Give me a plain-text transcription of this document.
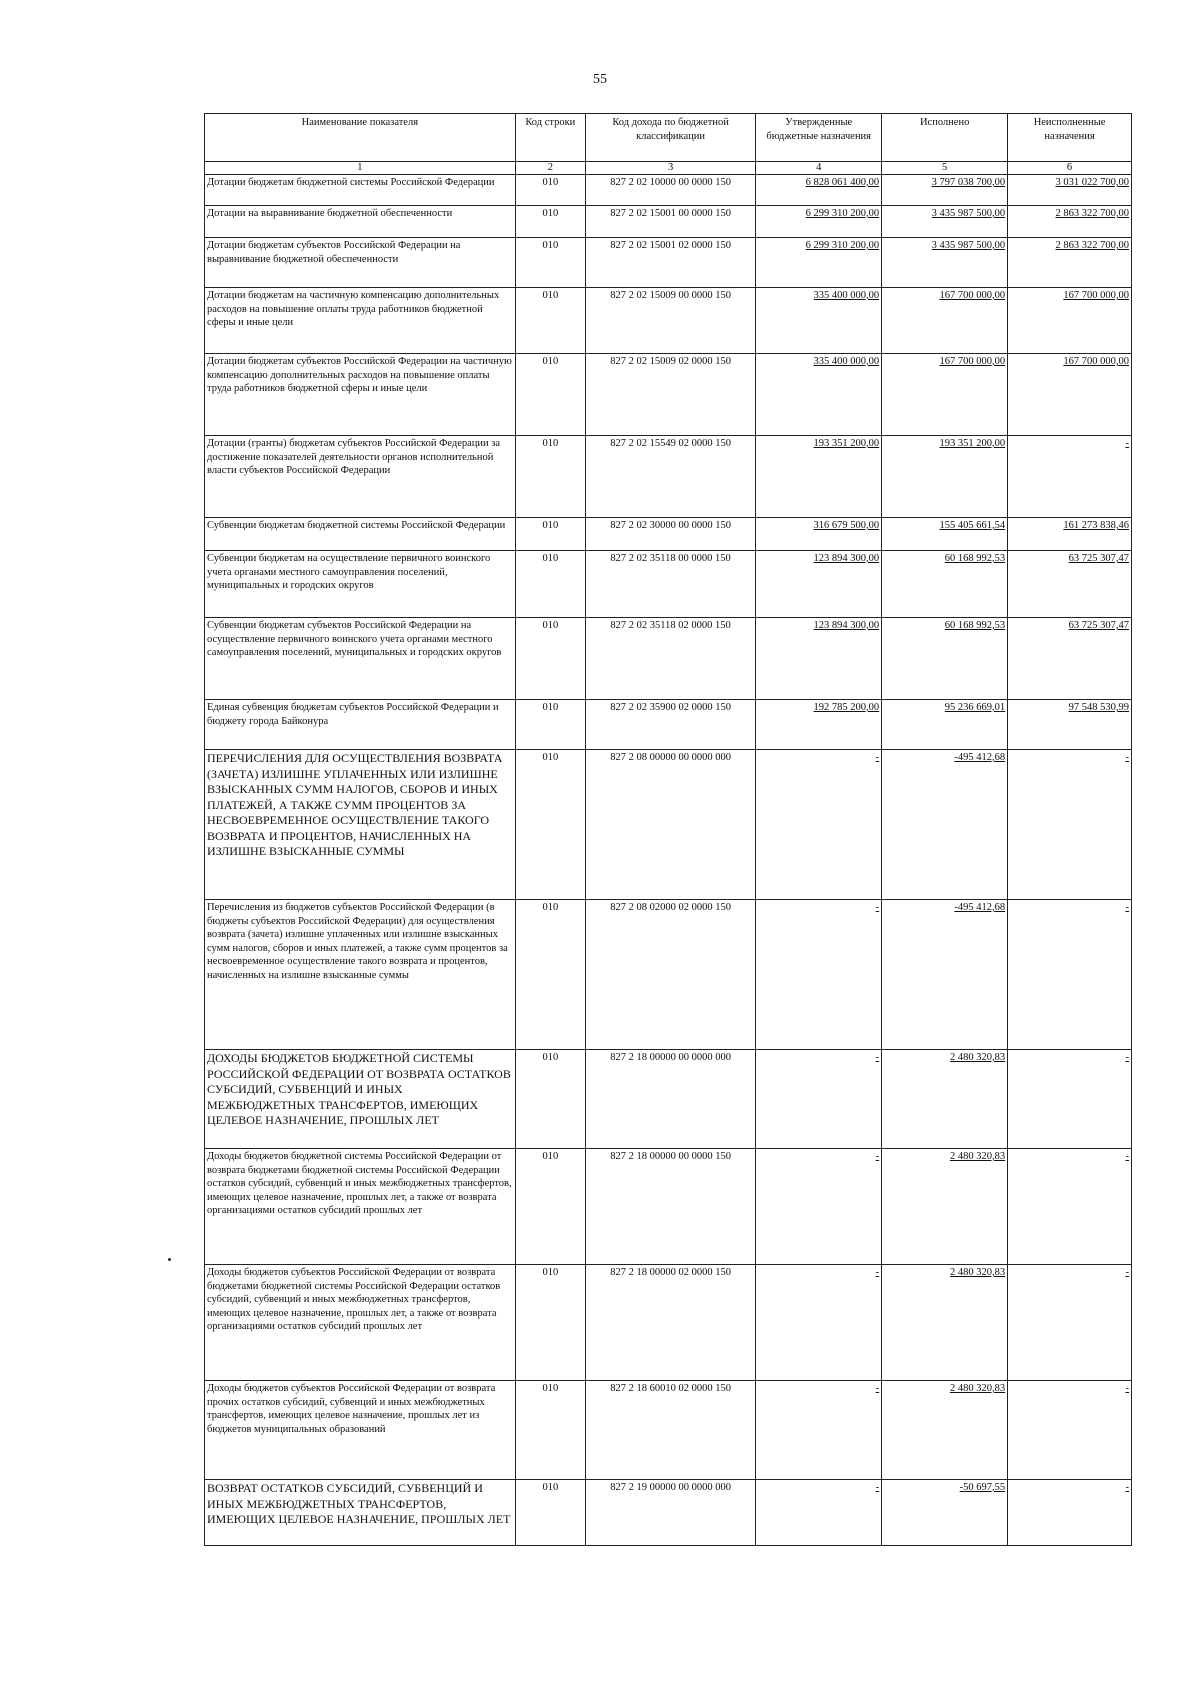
55
Наименование показателя	Код строки	Код дохода по бюджетной классификации	Утвержденные бюджетные назначения	Исполнено	Неисполненные назначения
1	2	3	4	5	6
Дотации бюджетам бюджетной системы Российской Федерации	010	827 2 02 10000 00 0000 150	6 828 061 400,00	3 797 038 700,00	3 031 022 700,00
Дотации на выравнивание бюджетной обеспеченности	010	827 2 02 15001 00 0000 150	6 299 310 200,00	3 435 987 500,00	2 863 322 700,00
Дотации бюджетам субъектов Российской Федерации на выравнивание бюджетной обеспеченности	010	827 2 02 15001 02 0000 150	6 299 310 200,00	3 435 987 500,00	2 863 322 700,00
Дотации бюджетам на частичную компенсацию дополнительных расходов на повышение оплаты труда работников бюджетной сферы и иные цели	010	827 2 02 15009 00 0000 150	335 400 000,00	167 700 000,00	167 700 000,00
Дотации бюджетам субъектов Российской Федерации на частичную компенсацию дополнительных расходов на повышение оплаты труда работников бюджетной сферы и иные цели	010	827 2 02 15009 02 0000 150	335 400 000,00	167 700 000,00	167 700 000,00
Дотации (гранты) бюджетам субъектов Российской Федерации за достижение показателей деятельности органов исполнительной власти субъектов Российской Федерации	010	827 2 02 15549 02 0000 150	193 351 200,00	193 351 200,00	-
Субвенции бюджетам бюджетной системы Российской Федерации	010	827 2 02 30000 00 0000 150	316 679 500,00	155 405 661,54	161 273 838,46
Субвенции бюджетам на осуществление первичного воинского учета органами местного самоуправления поселений, муниципальных и городских округов	010	827 2 02 35118 00 0000 150	123 894 300,00	60 168 992,53	63 725 307,47
Субвенции бюджетам субъектов Российской Федерации на осуществление первичного воинского учета органами местного самоуправления поселений, муниципальных и городских округов	010	827 2 02 35118 02 0000 150	123 894 300,00	60 168 992,53	63 725 307,47
Единая субвенция бюджетам субъектов Российской Федерации и бюджету города Байконура	010	827 2 02 35900 02 0000 150	192 785 200,00	95 236 669,01	97 548 530,99
ПЕРЕЧИСЛЕНИЯ ДЛЯ ОСУЩЕСТВЛЕНИЯ ВОЗВРАТА (ЗАЧЕТА) ИЗЛИШНЕ УПЛАЧЕННЫХ ИЛИ ИЗЛИШНЕ ВЗЫСКАННЫХ СУММ НАЛОГОВ, СБОРОВ И ИНЫХ ПЛАТЕЖЕЙ, А ТАКЖЕ СУММ ПРОЦЕНТОВ ЗА НЕСВОЕВРЕМЕННОЕ ОСУЩЕСТВЛЕНИЕ ТАКОГО ВОЗВРАТА И ПРОЦЕНТОВ, НАЧИСЛЕННЫХ НА ИЗЛИШНЕ ВЗЫСКАННЫЕ СУММЫ	010	827 2 08 00000 00 0000 000	-	-495 412,68	-
Перечисления из бюджетов субъектов Российской Федерации (в бюджеты субъектов Российской Федерации) для осуществления возврата (зачета) излишне уплаченных или излишне взысканных сумм налогов, сборов и иных платежей, а также сумм процентов за несвоевременное осуществление такого возврата и процентов, начисленных на излишне взысканные суммы	010	827 2 08 02000 02 0000 150	-	-495 412,68	-
ДОХОДЫ БЮДЖЕТОВ БЮДЖЕТНОЙ СИСТЕМЫ РОССИЙСКОЙ ФЕДЕРАЦИИ ОТ ВОЗВРАТА ОСТАТКОВ СУБСИДИЙ, СУБВЕНЦИЙ И ИНЫХ МЕЖБЮДЖЕТНЫХ ТРАНСФЕРТОВ, ИМЕЮЩИХ ЦЕЛЕВОЕ НАЗНАЧЕНИЕ, ПРОШЛЫХ ЛЕТ	010	827 2 18 00000 00 0000 000	-	2 480 320,83	-
Доходы бюджетов бюджетной системы Российской Федерации от возврата бюджетами бюджетной системы Российской Федерации остатков субсидий, субвенций и иных межбюджетных трансфертов, имеющих целевое назначение, прошлых лет, а также от возврата организациями остатков субсидий прошлых лет	010	827 2 18 00000 00 0000 150	-	2 480 320,83	-
Доходы бюджетов субъектов Российской Федерации от возврата бюджетами бюджетной системы Российской Федерации остатков субсидий, субвенций и иных межбюджетных трансфертов, имеющих целевое назначение, прошлых лет, а также от возврата организациями остатков субсидий прошлых лет	010	827 2 18 00000 02 0000 150	-	2 480 320,83	-
Доходы бюджетов субъектов Российской Федерации от возврата прочих остатков субсидий, субвенций и иных межбюджетных трансфертов, имеющих целевое назначение, прошлых лет из бюджетов муниципальных образований	010	827 2 18 60010 02 0000 150	-	2 480 320,83	-
ВОЗВРАТ ОСТАТКОВ СУБСИДИЙ, СУБВЕНЦИЙ И ИНЫХ МЕЖБЮДЖЕТНЫХ ТРАНСФЕРТОВ, ИМЕЮЩИХ ЦЕЛЕВОЕ НАЗНАЧЕНИЕ, ПРОШЛЫХ ЛЕТ	010	827 2 19 00000 00 0000 000	-	-50 697,55	-
